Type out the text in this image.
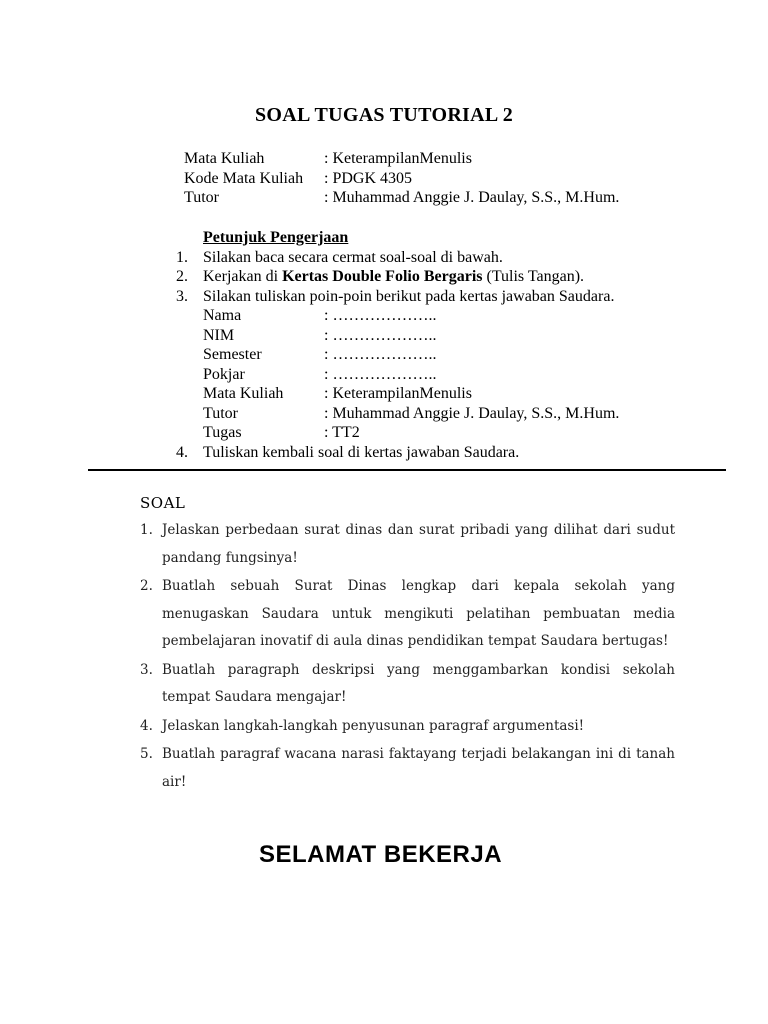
SOAL TUGAS TUTORIAL 2
Mata Kuliah	: KeterampilanMenulis
Kode Mata Kuliah	: PDGK 4305
Tutor	: Muhammad Anggie J. Daulay, S.S., M.Hum.
Petunjuk Pengerjaan
1. Silakan baca secara cermat soal-soal di bawah.
2. Kerjakan di Kertas Double Folio Bergaris (Tulis Tangan).
3. Silakan tuliskan poin-poin berikut pada kertas jawaban Saudara.
Nama	: ………………..
NIM	: ………………..
Semester	: ………………..
Pokjar	: ………………..
Mata Kuliah	: KeterampilanMenulis
Tutor	: Muhammad Anggie J. Daulay, S.S., M.Hum.
Tugas	: TT2
4. Tuliskan kembali soal di kertas jawaban Saudara.
SOAL
1. Jelaskan perbedaan surat dinas dan surat pribadi yang dilihat dari sudut pandang fungsinya!
2. Buatlah sebuah Surat Dinas lengkap dari kepala sekolah yang menugaskan Saudara untuk mengikuti pelatihan pembuatan media pembelajaran inovatif di aula dinas pendidikan tempat Saudara bertugas!
3. Buatlah paragraph deskripsi yang menggambarkan kondisi sekolah tempat Saudara mengajar!
4. Jelaskan langkah-langkah penyusunan paragraf argumentasi!
5. Buatlah paragraf wacana narasi faktayang terjadi belakangan ini di tanah air!
SELAMAT BEKERJA
